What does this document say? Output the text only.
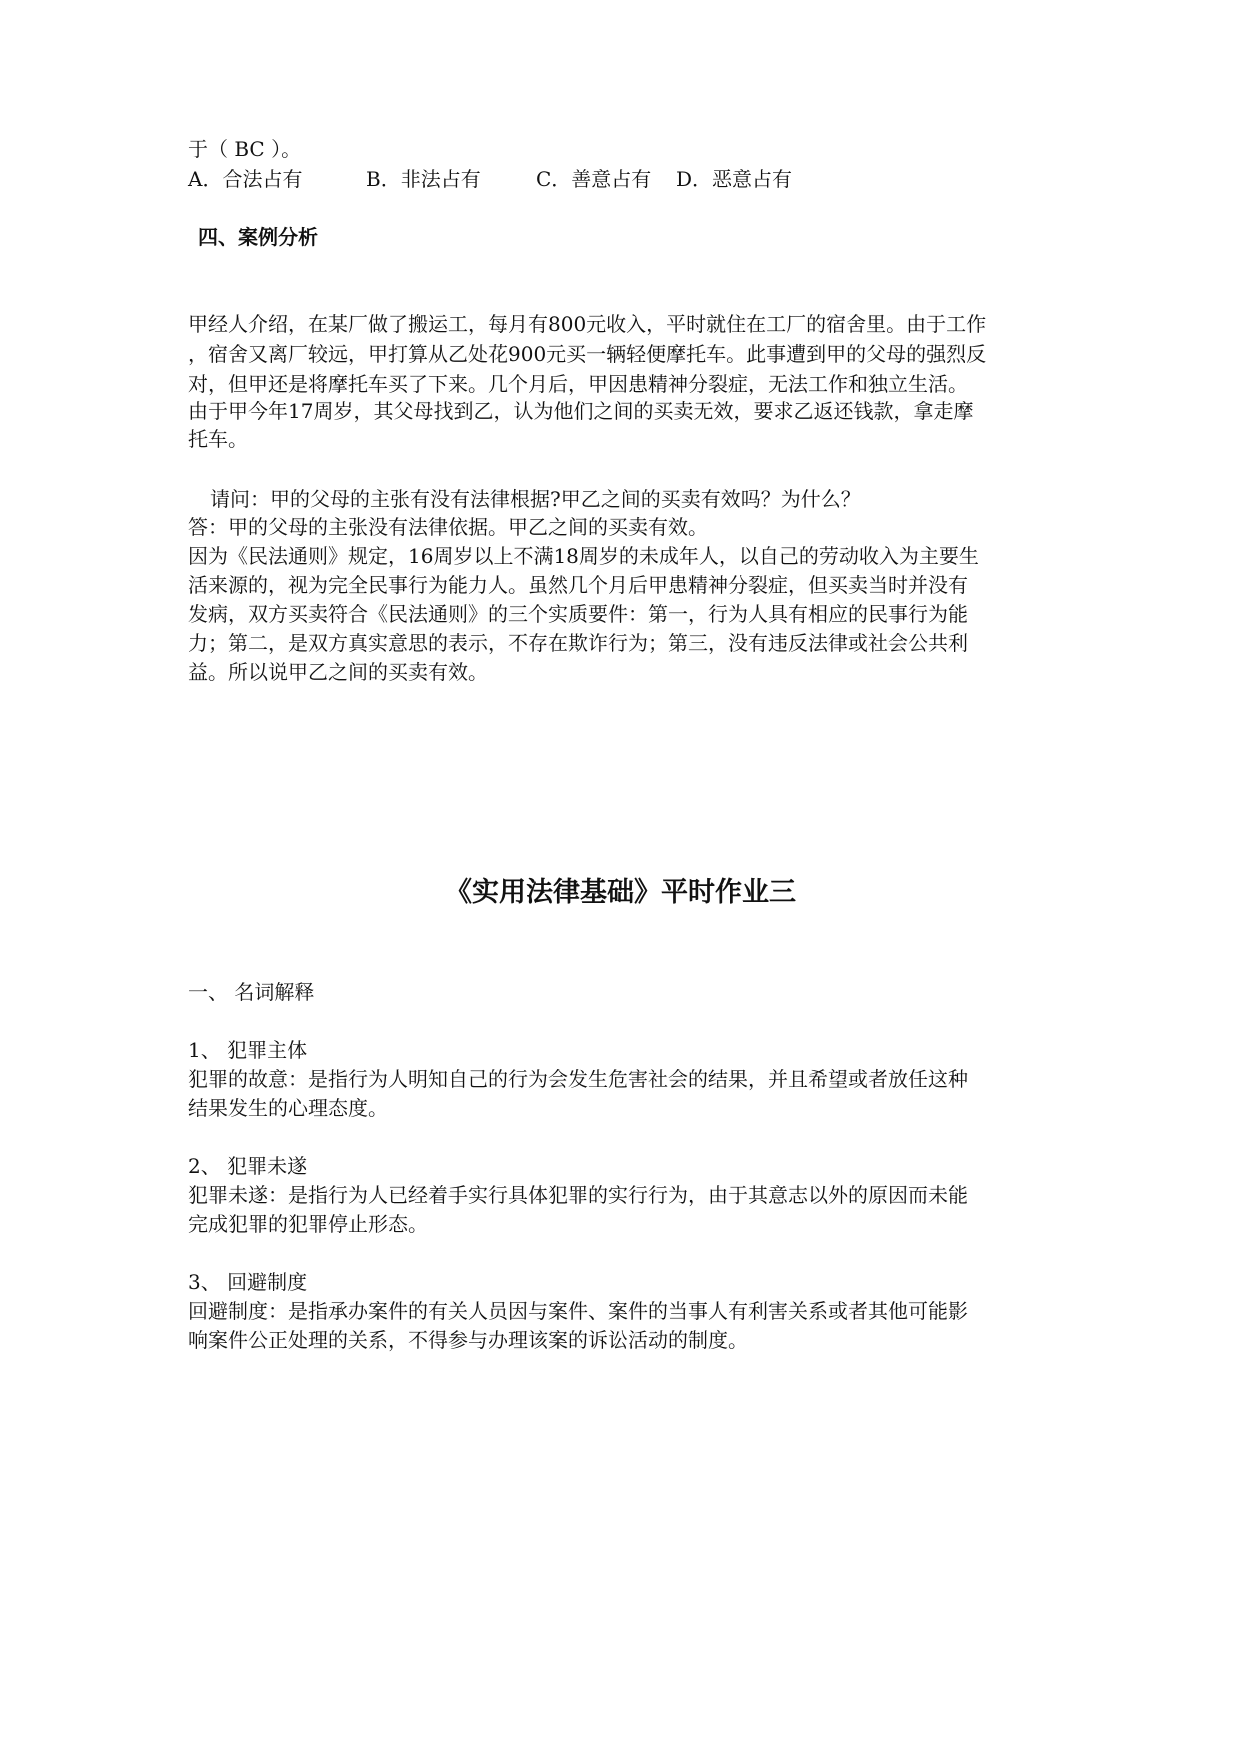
于（ BC ）。
A．合法占有	B．非法占有	C．善意占有	D．恶意占有
四、案例分析
甲经人介绍，在某厂做了搬运工，每月有800元收入，平时就住在工厂的宿舍里。由于工作
，宿舍又离厂较远，甲打算从乙处花900元买一辆轻便摩托车。此事遭到甲的父母的强烈反
对，但甲还是将摩托车买了下来。几个月后，甲因患精神分裂症，无法工作和独立生活。
由于甲今年17周岁，其父母找到乙，认为他们之间的买卖无效，要求乙返还钱款，拿走摩
托车。
请问：甲的父母的主张有没有法律根据?甲乙之间的买卖有效吗？为什么？
答：甲的父母的主张没有法律依据。甲乙之间的买卖有效。
因为《民法通则》规定，16周岁以上不满18周岁的未成年人，以自己的劳动收入为主要生
活来源的，视为完全民事行为能力人。虽然几个月后甲患精神分裂症，但买卖当时并没有
发病，双方买卖符合《民法通则》的三个实质要件：第一，行为人具有相应的民事行为能
力；第二，是双方真实意思的表示，不存在欺诈行为；第三，没有违反法律或社会公共利
益。所以说甲乙之间的买卖有效。
《实用法律基础》平时作业三
一、 名词解释
1、 犯罪主体
犯罪的故意：是指行为人明知自己的行为会发生危害社会的结果，并且希望或者放任这种
结果发生的心理态度。
2、 犯罪未遂
犯罪未遂：是指行为人已经着手实行具体犯罪的实行行为，由于其意志以外的原因而未能
完成犯罪的犯罪停止形态。
3、 回避制度
回避制度：是指承办案件的有关人员因与案件、案件的当事人有利害关系或者其他可能影
响案件公正处理的关系，不得参与办理该案的诉讼活动的制度。
